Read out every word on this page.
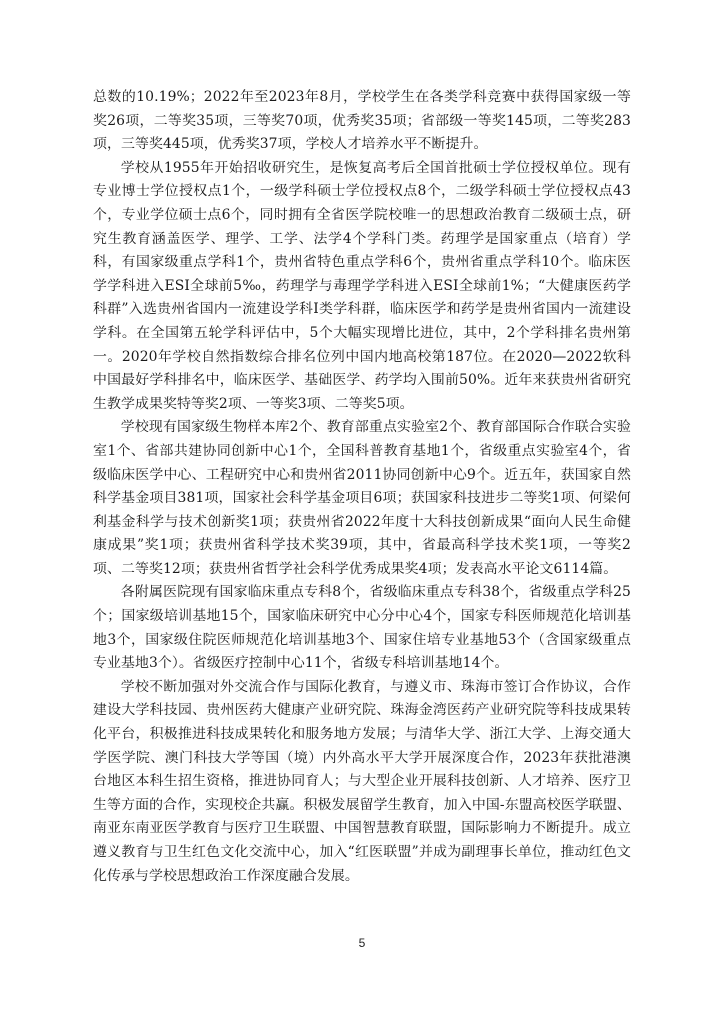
总数的10.19%；2022年至2023年8月，学校学生在各类学科竞赛中获得国家级一等奖26项，二等奖35项，三等奖70项，优秀奖35项；省部级一等奖145项，二等奖283项，三等奖445项，优秀奖37项，学校人才培养水平不断提升。

学校从1955年开始招收研究生，是恢复高考后全国首批硕士学位授权单位。现有专业博士学位授权点1个，一级学科硕士学位授权点8个，二级学科硕士学位授权点43个，专业学位硕士点6个，同时拥有全省医学院校唯一的思想政治教育二级硕士点，研究生教育涵盖医学、理学、工学、法学4个学科门类。药理学是国家重点（培育）学科，有国家级重点学科1个，贵州省特色重点学科6个，贵州省重点学科10个。临床医学学科进入ESI全球前5‰，药理学与毒理学学科进入ESI全球前1%；“大健康医药学科群”入选贵州省国内一流建设学科Ⅰ类学科群，临床医学和药学是贵州省国内一流建设学科。在全国第五轮学科评估中，5个大幅实现增比进位，其中，2个学科排名贵州第一。2020年学校自然指数综合排名位列中国内地高校第187位。在2020—2022软科中国最好学科排名中，临床医学、基础医学、药学均入围前50%。近年来获贵州省研究生教学成果奖特等奖2项、一等奖3项、二等奖5项。

学校现有国家级生物样本库2个、教育部重点实验室2个、教育部国际合作联合实验室1个、省部共建协同创新中心1个，全国科普教育基地1个，省级重点实验室4个，省级临床医学中心、工程研究中心和贵州省2011协同创新中心9个。近五年，获国家自然科学基金项目381项，国家社会科学基金项目6项；获国家科技进步二等奖1项、何梁何利基金科学与技术创新奖1项；获贵州省2022年度十大科技创新成果“面向人民生命健康成果”奖1项；获贵州省科学技术奖39项，其中，省最高科学技术奖1项，一等奖2项、二等奖12项；获贵州省哲学社会科学优秀成果奖4项；发表高水平论文6114篇。

各附属医院现有国家临床重点专科8个，省级临床重点专科38个，省级重点学科25个；国家级培训基地15个，国家临床研究中心分中心4个，国家专科医师规范化培训基地3个，国家级住院医师规范化培训基地3个、国家住培专业基地53个（含国家级重点专业基地3个）。省级医疗控制中心11个，省级专科培训基地14个。

学校不断加强对外交流合作与国际化教育，与遵义市、珠海市签订合作协议，合作建设大学科技园、贵州医药大健康产业研究院、珠海金湾医药产业研究院等科技成果转化平台，积极推进科技成果转化和服务地方发展；与清华大学、浙江大学、上海交通大学医学院、澳门科技大学等国（境）内外高水平大学开展深度合作，2023年获批港澳台地区本科生招生资格，推进协同育人；与大型企业开展科技创新、人才培养、医疗卫生等方面的合作，实现校企共赢。积极发展留学生教育，加入中国-东盟高校医学联盟、南亚东南亚医学教育与医疗卫生联盟、中国智慧教育联盟，国际影响力不断提升。成立遵义教育与卫生红色文化交流中心，加入“红医联盟”并成为副理事长单位，推动红色文化传承与学校思想政治工作深度融合发展。

5
